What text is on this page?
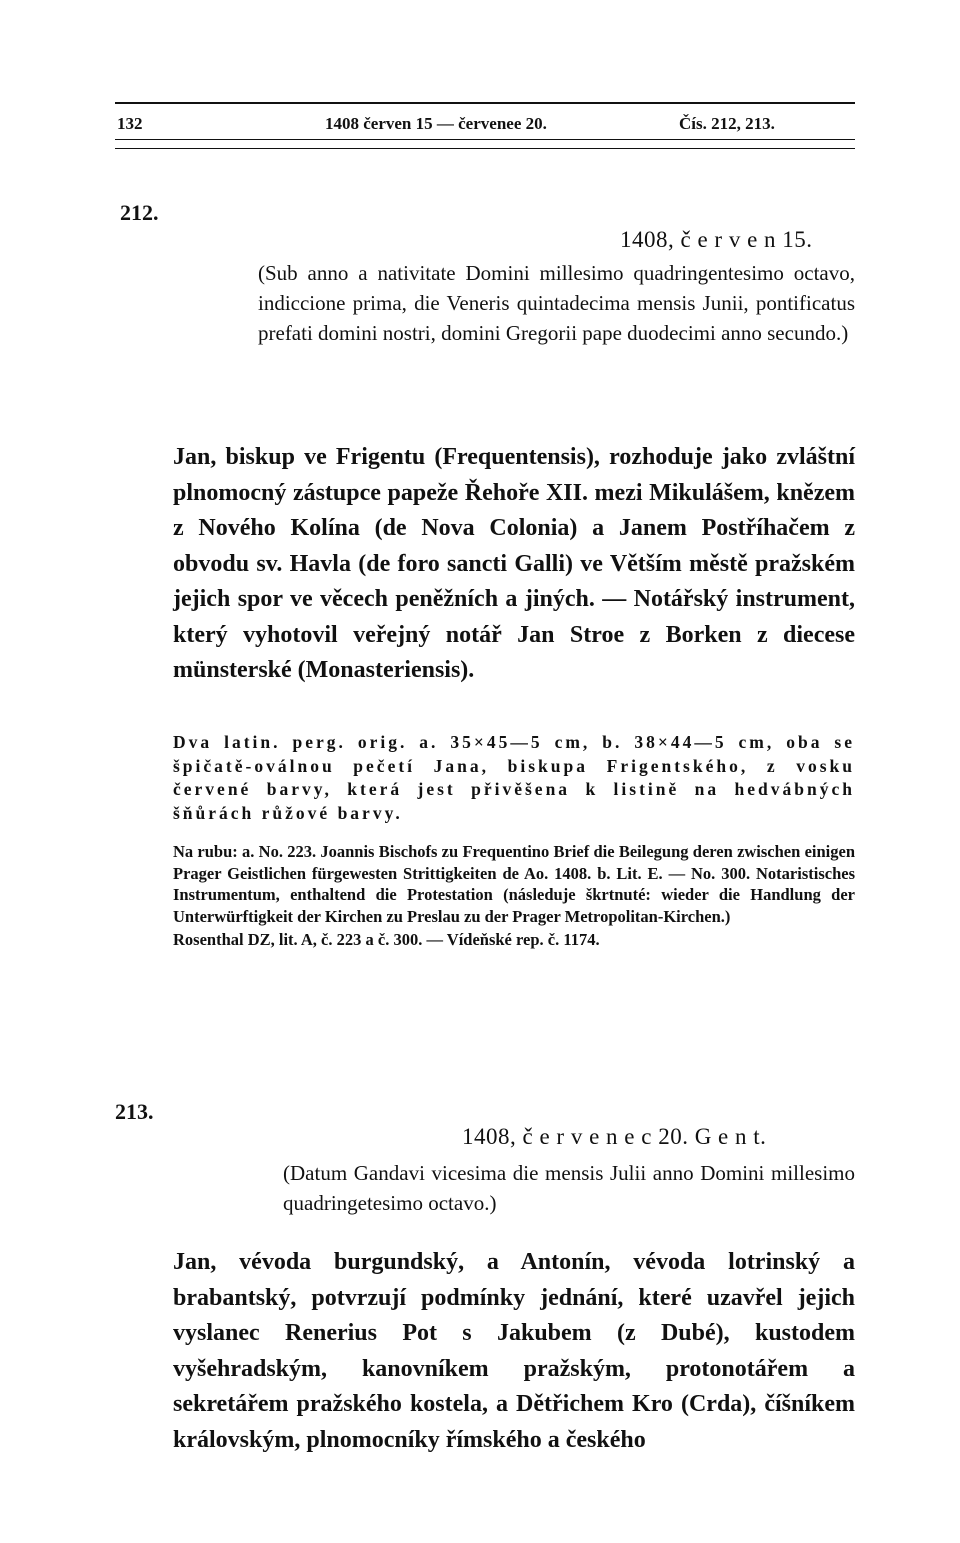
132	1408 červen 15 — červenee 20.	Čís. 212, 213.
212.
1408, č e r v e n 15.

(Sub anno a nativitate Domini millesimo quadringentesimo octavo, indiccione prima, die Veneris quintadecima mensis Junii, pontificatus prefati domini nostri, domini Gregorii pape duodecimi anno secundo.)

Jan, biskup ve Frigentu (Frequentensis), rozhoduje jako zvláštní plnomocný zástupce papeže Řehoře XII. mezi Mikulášem, knězem z Nového Kolína (de Nova Colonia) a Janem Postříhačem z obvodu sv. Havla (de foro sancti Galli) ve Větším městě pražském jejich spor ve věcech peněžních a jiných. — Notářský instrument, který vyhotovil veřejný notář Jan Stroe z Borken z diecese münsterské (Monasteriensis).

Dva latin. perg. orig. a. 35×45—5 cm, b. 38×44—5 cm, oba se špičatě-oválnou pečetí Jana, biskupa Frigentského, z vosku červené barvy, která jest přivěšena k listině na hedvábných šňůrách růžové barvy.

Na rubu: a. No. 223. Joannis Bischofs zu Frequentino Brief die Beilegung deren zwischen einigen Prager Geistlichen fürgewesten Strittigkeiten de Ao. 1408. b. Lit. E. — No. 300. Notaristisches Instrumentum, enthaltend die Protestation (následuje škrtnuté: wieder die Handlung der Unterwürftigkeit der Kirchen zu Preslau zu der Prager Metropolitan-Kirchen.)

Rosenthal DZ, lit. A, č. 223 a č. 300. — Vídeňské rep. č. 1174.

213.
1408, č e r v e n e c 20. G e n t.

(Datum Gandavi vicesima die mensis Julii anno Domini millesimo quadringetesimo octavo.)

Jan, vévoda burgundský, a Antonín, vévoda lotrinský a brabantský, potvrzují podmínky jednání, které uzavřel jejich vyslanec Renerius Pot s Jakubem (z Dubé), kustodem vyšehradským, kanovníkem pražským, protonotářem a sekretářem pražského kostela, a Dětřichem Kro (Crda), číšníkem královským, plnomocníky římského a českého
